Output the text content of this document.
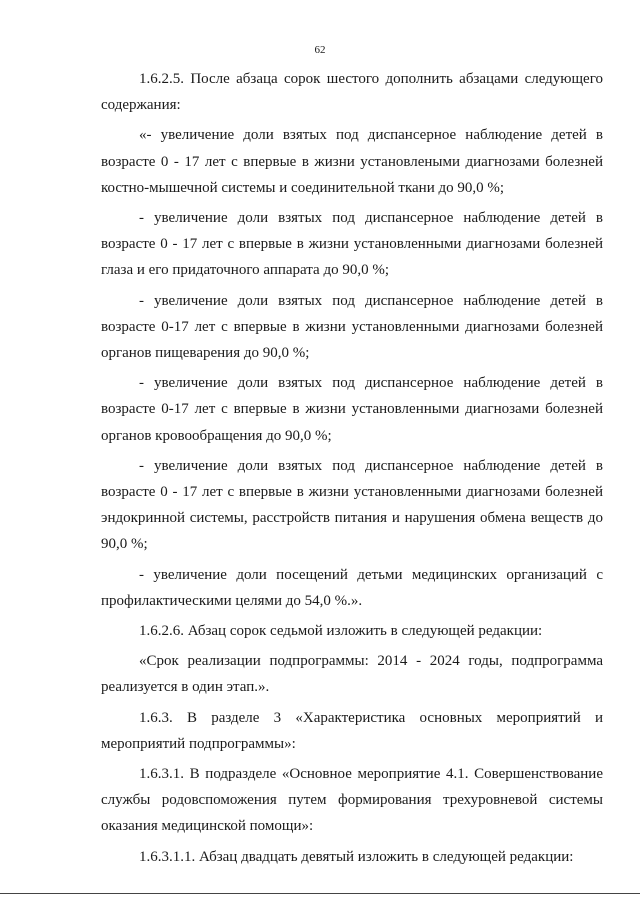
62

1.6.2.5. После абзаца сорок шестого дополнить абзацами следующего содержания:

«- увеличение доли взятых под диспансерное наблюдение детей в возрасте 0 - 17 лет с впервые в жизни установлеными диагнозами болезней костно-мышечной системы и соединительной ткани до 90,0 %;

- увеличение доли взятых под диспансерное наблюдение детей в возрасте 0 - 17 лет с впервые в жизни установленными диагнозами болезней глаза и его придаточного аппарата до 90,0 %;

- увеличение доли взятых под диспансерное наблюдение детей в возрасте 0-17 лет с впервые в жизни установленными диагнозами болезней органов пищеварения до 90,0 %;

- увеличение доли взятых под диспансерное наблюдение детей в возрасте 0-17 лет с впервые в жизни установленными диагнозами болезней органов кровообращения до 90,0 %;

- увеличение доли взятых под диспансерное наблюдение детей в возрасте 0 - 17 лет с впервые в жизни установленными диагнозами болезней эндокринной системы, расстройств питания и нарушения обмена веществ до 90,0 %;

- увеличение доли посещений детьми медицинских организаций с профилактическими целями до 54,0 %.».

1.6.2.6. Абзац сорок седьмой изложить в следующей редакции:

«Срок реализации подпрограммы: 2014 - 2024 годы, подпрограмма реализуется в один этап.».

1.6.3. В разделе 3 «Характеристика основных мероприятий и мероприятий подпрограммы»:

1.6.3.1. В подразделе «Основное мероприятие 4.1. Совершенствование службы родовспоможения путем формирования трехуровневой системы оказания медицинской помощи»:

1.6.3.1.1. Абзац двадцать девятый изложить в следующей редакции:
